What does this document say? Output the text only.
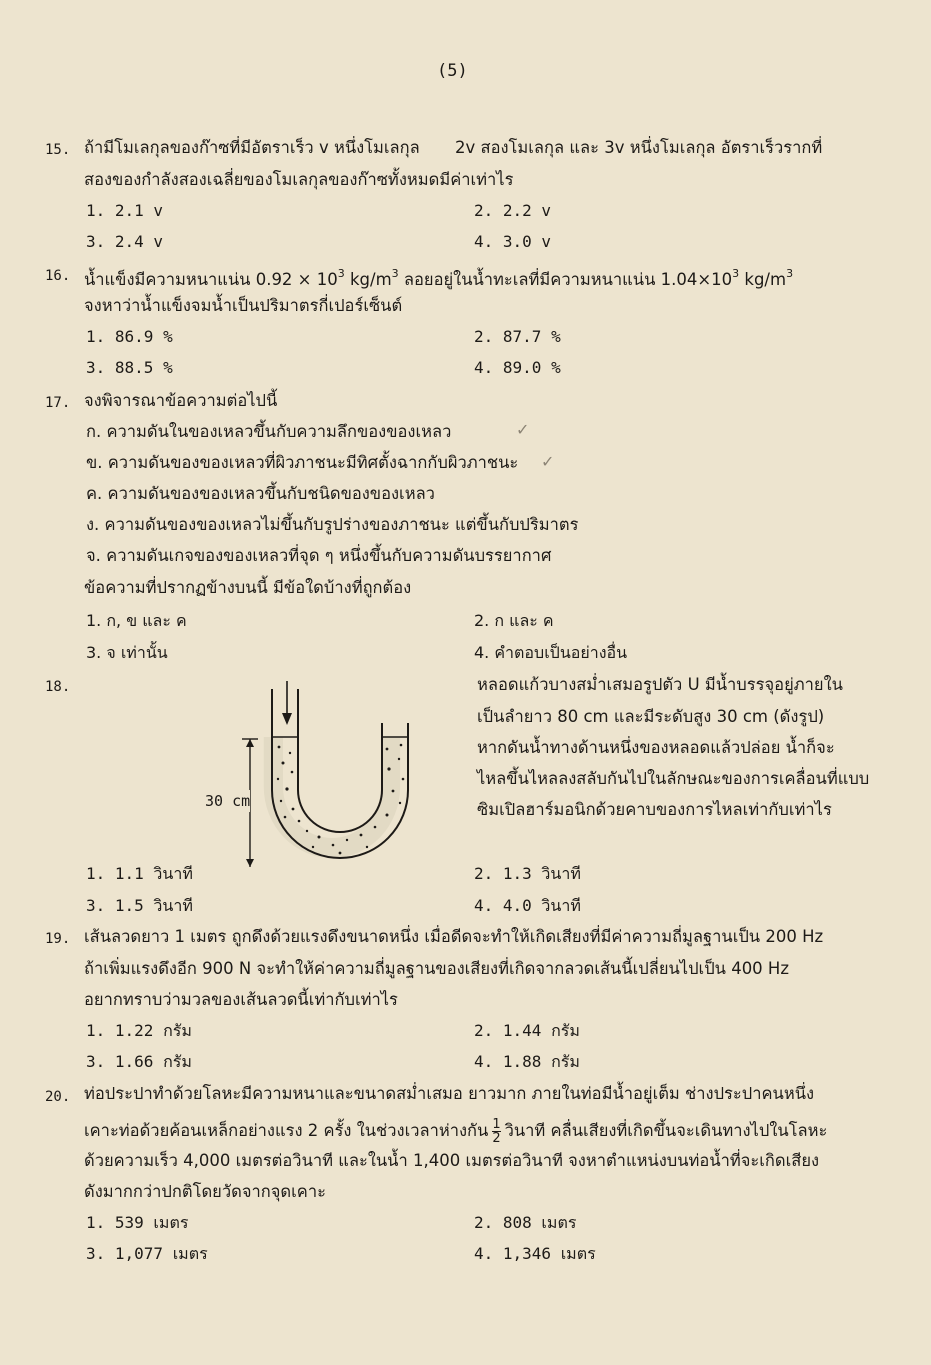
(5)
15. ถ้ามีโมเลกุลของก๊าซที่มีอัตราเร็ว v หนึ่งโมเลกุล 2v สองโมเลกุล และ 3v หนึ่งโมเลกุล อัตราเร็วรากที่
สองของกำลังสองเฉลี่ยของโมเลกุลของก๊าซทั้งหมดมีค่าเท่าไร
1. 2.1 v	2. 2.2 v
3. 2.4 v	4. 3.0 v
16. น้ำแข็งมีความหนาแน่น $0.92 \times 10^3$ $kg/m^3$ ลอยอยู่ในน้ำทะเลที่มีความหนาแน่น $1.04\times 10^3$ $kg/m^3$
จงหาว่าน้ำแข็งจมน้ำเป็นปริมาตรกี่เปอร์เซ็นต์
1. 86.9 %	2. 87.7 %
3. 88.5 %	4. 89.0 %
17. จงพิจารณาข้อความต่อไปนี้
ก. ความดันในของเหลวขึ้นกับความลึกของของเหลว
ข. ความดันของของเหลวที่ผิวภาชนะมีทิศตั้งฉากกับผิวภาชนะ
ค. ความดันของของเหลวขึ้นกับชนิดของของเหลว
ง. ความดันของของเหลวไม่ขึ้นกับรูปร่างของภาชนะ แต่ขึ้นกับปริมาตร
จ. ความดันเกจของของเหลวที่จุด ๆ หนึ่งขึ้นกับความดันบรรยากาศ
✓
✓
ข้อความที่ปรากฏข้างบนนี้ มีข้อใดบ้างที่ถูกต้อง
1. ก, ข และ ค	2. ก และ ค
3. จ เท่านั้น	4. คำตอบเป็นอย่างอื่น
18.	หลอดแก้วบางสม่ำเสมอรูปตัว U มีน้ำบรรจุอยู่ภายใน
เป็นลำยาว 80 cm และมีระดับสูง 30 cm (ดังรูป)
หากดันน้ำทางด้านหนึ่งของหลอดแล้วปล่อย น้ำก็จะ
ไหลขึ้นไหลลงสลับกันไปในลักษณะของการเคลื่อนที่แบบ
ซิมเปิลฮาร์มอนิกด้วยคาบของการไหลเท่ากับเท่าไร
30 cm
1. 1.1 วินาที	2. 1.3 วินาที
3. 1.5 วินาที	4. 4.0 วินาที
19. เส้นลวดยาว 1 เมตร ถูกดึงด้วยแรงดึงขนาดหนึ่ง เมื่อดีดจะทำให้เกิดเสียงที่มีค่าความถี่มูลฐานเป็น 200 Hz
ถ้าเพิ่มแรงดึงอีก 900 N จะทำให้ค่าความถี่มูลฐานของเสียงที่เกิดจากลวดเส้นนี้เปลี่ยนไปเป็น 400 Hz
อยากทราบว่ามวลของเส้นลวดนี้เท่ากับเท่าไร
1. 1.22 กรัม	2. 1.44 กรัม
3. 1.66 กรัม	4. 1.88 กรัม
20. ท่อประปาทำด้วยโลหะมีความหนาและขนาดสม่ำเสมอ ยาวมาก ภายในท่อมีน้ำอยู่เต็ม ช่างประปาคนหนึ่ง
เคาะท่อด้วยค้อนเหล็กอย่างแรง 2 ครั้ง ในช่วงเวลาห่างกัน $\frac{1}{2}$ วินาที คลื่นเสียงที่เกิดขึ้นจะเดินทางไปในโลหะ
ด้วยความเร็ว 4,000 เมตรต่อวินาที และในน้ำ 1,400 เมตรต่อวินาที จงหาตำแหน่งบนท่อน้ำที่จะเกิดเสียง
ดังมากกว่าปกติโดยวัดจากจุดเคาะ
1. 539 เมตร	2. 808 เมตร
3. 1,077 เมตร	4. 1,346 เมตร
